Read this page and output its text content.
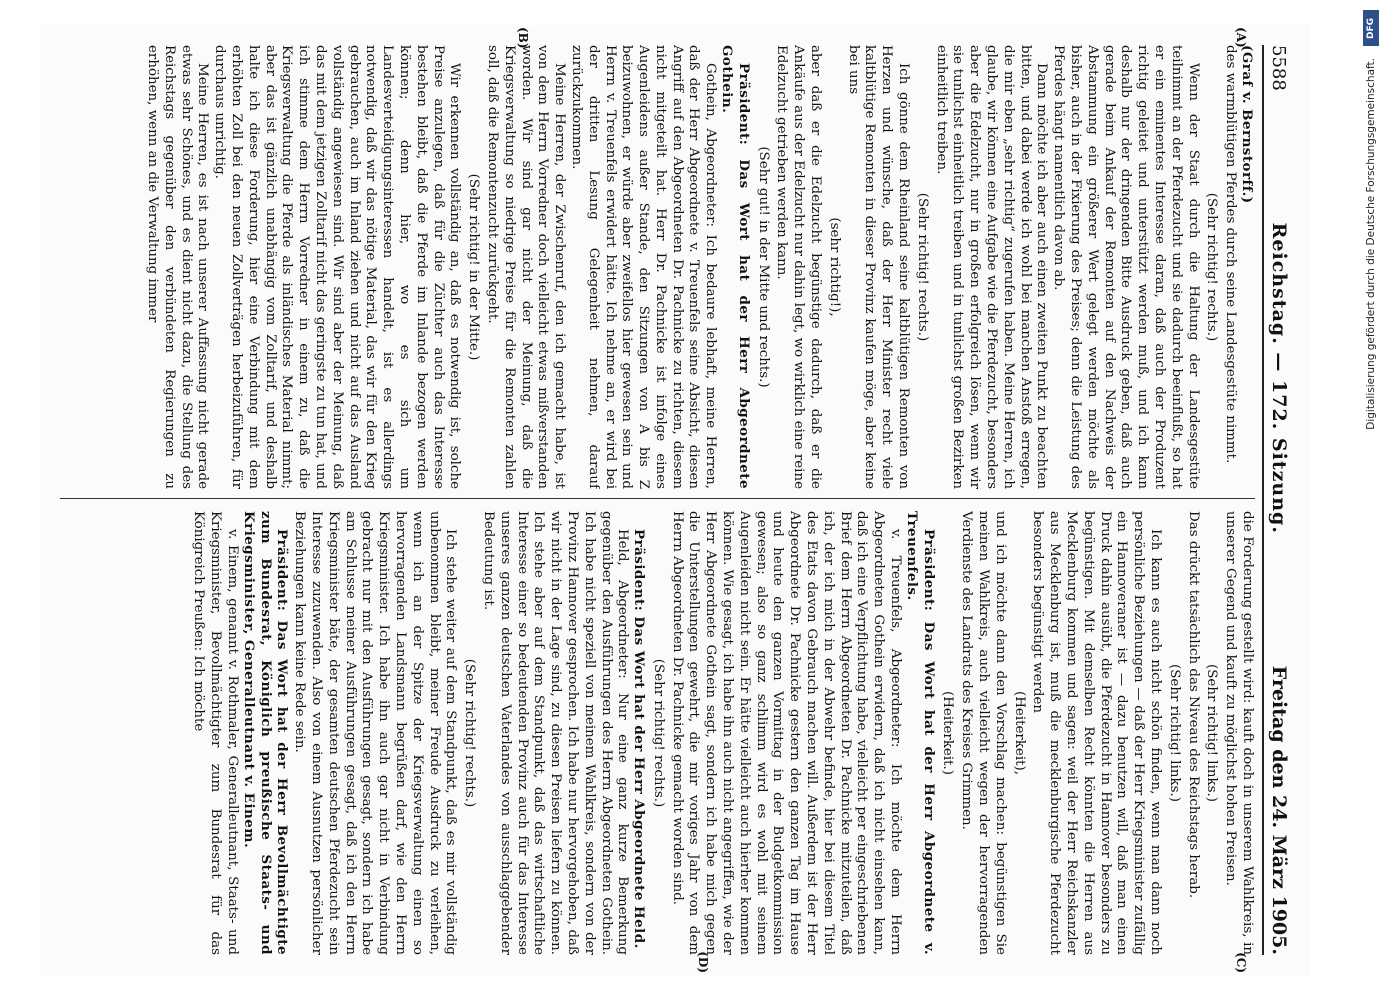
5588
Reichstag. — 172. Sitzung.
Freitag den 24. März 1905.
(A)
(B)
(C)
(D)

(Graf v. Bernstorff.)

des warmblütigen Pferdes durch seine Landesgestüte nimmt.

(Sehr richtig! rechts.)

Wenn der Staat durch die Haltung der Landesgestüte teilnimmt an der Pferdezucht und sie dadurch beeinflußt, so hat er ein eminentes Interesse daran, daß auch der Produzent richtig geleitet und unterstützt werden muß, und ich kann deshalb nur der dringenden Bitte Ausdruck geben, daß auch gerade beim Ankauf der Remonten auf den Nachweis der Abstammung ein größerer Wert gelegt werden möchte als bisher, auch in der Fixierung des Preises; denn die Leistung des Pferdes hängt namentlich davon ab.

Dann möchte ich aber auch einen zweiten Punkt zu beachten bitten, und dabei werde ich wohl bei manchen Anstoß erregen, die mir eben „sehr richtig“ zugerufen haben. Meine Herren, ich glaube, wir können eine Aufgabe wie die Pferdezucht, besonders aber die Edelzucht, nur in großen erfolgreich lösen, wenn wir sie tunlichst einheitlich treiben und in tunlichst großen Bezirken einheitlich treiben.

(Sehr richtig! rechts.)

Ich gönne dem Rheinland seine kaltblütigen Remonten von Herzen und wünsche, daß der Herr Minister recht viele kaltblütige Remonten in dieser Provinz kaufen möge, aber keine bei uns

(sehr richtig!),

aber daß er die Edelzucht begünstige dadurch, daß er die Ankäufe aus der Edelzucht nur dahin legt, wo wirklich eine reine Edelzucht getrieben werden kann.

(Sehr gut! in der Mitte und rechts.)

Präsident: Das Wort hat der Herr Abgeordnete Gothein.

Gothein, Abgeordneter: Ich bedaure lebhaft, meine Herren, daß der Herr Abgeordnete v. Treuenfels seine Absicht, diesen Angriff auf den Abgeordneten Dr. Pachnicke zu richten, diesem nicht mitgeteilt hat. Herr Dr. Pachnicke ist infolge eines Augenleidens außer Stande, den Sitzungen von A bis Z beizuwohnen, er würde aber zweifellos hier gewesen sein und Herrn v. Treuenfels erwidert hätte. Ich nehme an, er wird bei der dritten Lesung Gelegenheit nehmen, darauf zurückzukommen.

Meine Herren, der Zwischenruf, den ich gemacht habe, ist von dem Herrn Vorredner doch vielleicht etwas mißverstanden worden. Wir sind gar nicht der Meinung, daß die Kriegsverwaltung so niedrige Preise für die Remonten zahlen soll, daß die Remontenzucht zurückgeht.

(Sehr richtig! in der Mitte.)

Wir erkennen vollständig an, daß es notwendig ist, solche Preise anzulegen, daß für die Züchter auch das Interesse bestehen bleibt, daß die Pferde im Inlande bezogen werden können; denn hier, wo es sich um Landesverteidigungsinteressen handelt, ist es allerdings notwendig, daß wir das nötige Material, das wir für den Krieg gebrauchen, auch im Inland ziehen und nicht auf das Ausland vollständig angewiesen sind. Wir sind aber der Meinung, daß das mit dem jetzigen Zolltarif nicht das geringste zu tun hat, und ich stimme dem Herrn Vorredner in einem zu, daß die Kriegsverwaltung die Pferde als inländisches Material nimmt; aber das ist gänzlich unabhängig vom Zolltarif, und deshalb halte ich diese Forderung, hier eine Verbindung mit dem erhöhten Zoll bei den neuen Zollverträgen herbeizuführen, für durchaus unrichtig.

Meine Herren, es ist nach unserer Auffassung nicht gerade etwas sehr Schönes, und es dient nicht dazu, die Stellung des Reichstags gegenüber den verbündeten Regierungen zu erhöhen, wenn an die Verwaltung immer

die Forderung gestellt wird: kauft doch in unserem Wahlkreis, in unserer Gegend und kauft zu möglichst hohen Preisen.

(Sehr richtig! links.)

Das drückt tatsächlich das Niveau des Reichstags herab.

(Sehr richtig! links.)

Ich kann es auch nicht schön finden, wenn man dann noch persönliche Beziehungen — daß der Herr Kriegsminister zufällig ein Hannoveraner ist — dazu benutzen will, daß man einen Druck dahin ausübt, die Pferdezucht in Hannover besonders zu begünstigen. Mit demselben Recht könnten die Herren aus Mecklenburg kommen und sagen: weil der Herr Reichskanzler aus Mecklenburg ist, muß die mecklenburgische Pferdezucht besonders begünstigt werden

(Heiterkeit),

und ich möchte dann den Vorschlag machen: begünstigen Sie meinen Wahlkreis, auch vielleicht wegen der hervorragenden Verdienste des Landrats des Kreises Grimmen.

(Heiterkeit.)

Präsident: Das Wort hat der Herr Abgeordnete v. Treuenfels.

v. Treuenfels, Abgeordneter: Ich möchte dem Herrn Abgeordneten Gothein erwidern, daß ich nicht einsehen kann, daß ich eine Verpflichtung habe, vielleicht per eingeschriebenen Brief dem Herrn Abgeordneten Dr. Pachnicke mitzuteilen, daß ich, der ich mich in der Abwehr befinde, hier bei diesem Titel des Etats davon Gebrauch machen will. Außerdem ist der Herr Abgeordnete Dr. Pachnicke gestern den ganzen Tag im Hause und heute den ganzen Vormittag in der Budgetkommission gewesen; also so ganz schlimm wird es wohl mit seinem Augenleiden nicht sein. Er hätte vielleicht auch hierher kommen können. Wie gesagt, ich habe ihn auch nicht angegriffen, wie der Herr Abgeordnete Gothein sagt, sondern ich habe mich gegen die Unterstellungen gewehrt, die mir voriges Jahr von dem Herrn Abgeordneten Dr. Pachnicke gemacht worden sind.

(Sehr richtig! rechts.)

Präsident: Das Wort hat der Herr Abgeordnete Held.

Held, Abgeordneter: Nur eine ganz kurze Bemerkung gegenüber den Ausführungen des Herrn Abgeordneten Gothein. Ich habe nicht speziell von meinem Wahlkreis, sondern von der Provinz Hannover gesprochen. Ich habe nur hervorgehoben, daß wir nicht in der Lage sind, zu diesen Preisen liefern zu können. Ich stehe aber auf dem Standpunkt, daß das wirtschaftliche Interesse einer so bedeutenden Provinz auch für das Interesse unseres ganzen deutschen Vaterlandes von ausschlaggebender Bedeutung ist.

(Sehr richtig! rechts.)

Ich stehe weiter auf dem Standpunkt, daß es mir vollständig unbenommen bleibt, meiner Freude Ausdruck zu verleihen, wenn ich an der Spitze der Kriegsverwaltung einen so hervorragenden Landsmann begrüßen darf, wie den Herrn Kriegsminister. Ich habe ihn auch gar nicht in Verbindung gebracht nur mit den Ausführungen gesagt, sondern ich habe am Schlusse meiner Ausführungen gesagt, daß ich den Herrn Kriegsminister bäte, der gesamten deutschen Pferdezucht sein Interesse zuzuwenden. Also von einem Ausnutzen persönlicher Beziehungen kann keine Rede sein.

Präsident: Das Wort hat der Herr Bevollmächtigte zum Bundesrat, Königlich preußische Staats- und Kriegsminister, Generalleutnant v. Einem.

v. Einem, genannt v. Rothmaler, Generalleutnant, Staats- und Kriegsminister, Bevollmächtigter zum Bundesrat für das Königreich Preußen: Ich möchte

DFG
Digitalisierung gefördert durch die Deutsche Forschungsgemeinschaft.
